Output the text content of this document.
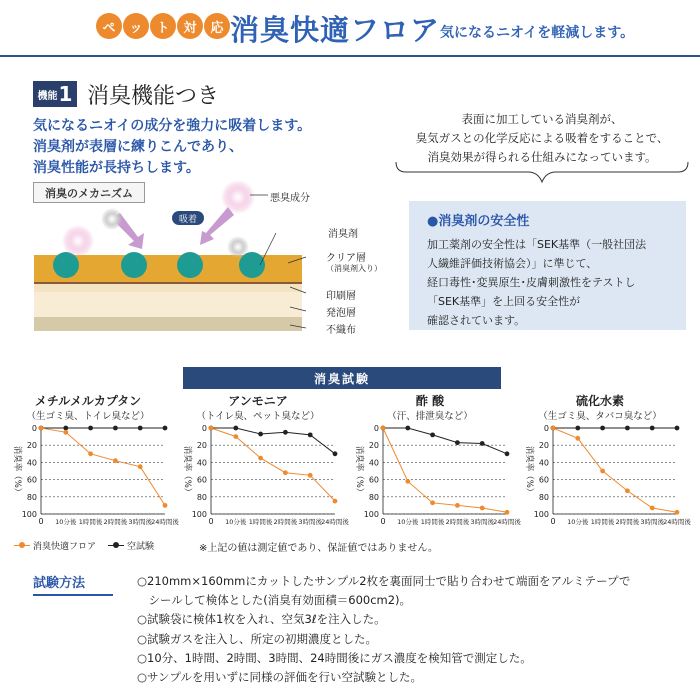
ペ	ッ	ト	対	応 消臭快適フロア 気になるニオイを軽減します。
機能 1 消臭機能つき
気になるニオイの成分を強力に吸着します。
消臭剤が表層に練りこんであり、
消臭性能が長持ちします。
吸着
悪臭成分
消臭剤
クリア層
（消臭剤入り）
印刷層
発泡層
不織布
消臭のメカニズム
表面に加工している消臭剤が、
臭気ガスとの化学反応による吸着をすることで、
消臭効果が得られる仕組みになっています。
●消臭剤の安全性
加工薬剤の安全性は「SEK基準（一般社団法
人繊維評価技術協会）」に準じて、
経口毒性･変異原生･皮膚刺激性をテストし
「SEK基準」を上回る安全性が
確認されています。
消臭試験
メチルメルカプタン
（生ゴミ臭、トイレ臭など）
消臭率（%）
0
20
40
60
80
100
0 10分後 1時間後 2時間後 3時間後 24時間後
アンモニア
（トイレ臭、ペット臭など）
消臭率（%）
0
20
40
60
80
100
0 10分後 1時間後 2時間後 3時間後 24時間後
酢 酸
（汗、排泄臭など）
消臭率（%）
0
20
40
60
80
100
0 10分後 1時間後 2時間後 3時間後 24時間後
硫化水素
（生ゴミ臭、タバコ臭など）
消臭率（%）
0
20
40
60
80
100
0 10分後 1時間後 2時間後 3時間後 24時間後
消臭快適フロア	空試験	※上記の値は測定値であり、保証値ではありません。
試験方法	○210mm×160mmにカットしたサンプル2枚を裏面同士で貼り合わせて端面をアルミテープで
　シールして検体とした(消臭有効面積＝600cm2)。
○試験袋に検体1枚を入れ、空気3ℓを注入した。
○試験ガスを注入し、所定の初期濃度とした。
○10分、1時間、2時間、3時間、24時間後にガス濃度を検知管で測定した。
○サンプルを用いずに同様の評価を行い空試験とした。
